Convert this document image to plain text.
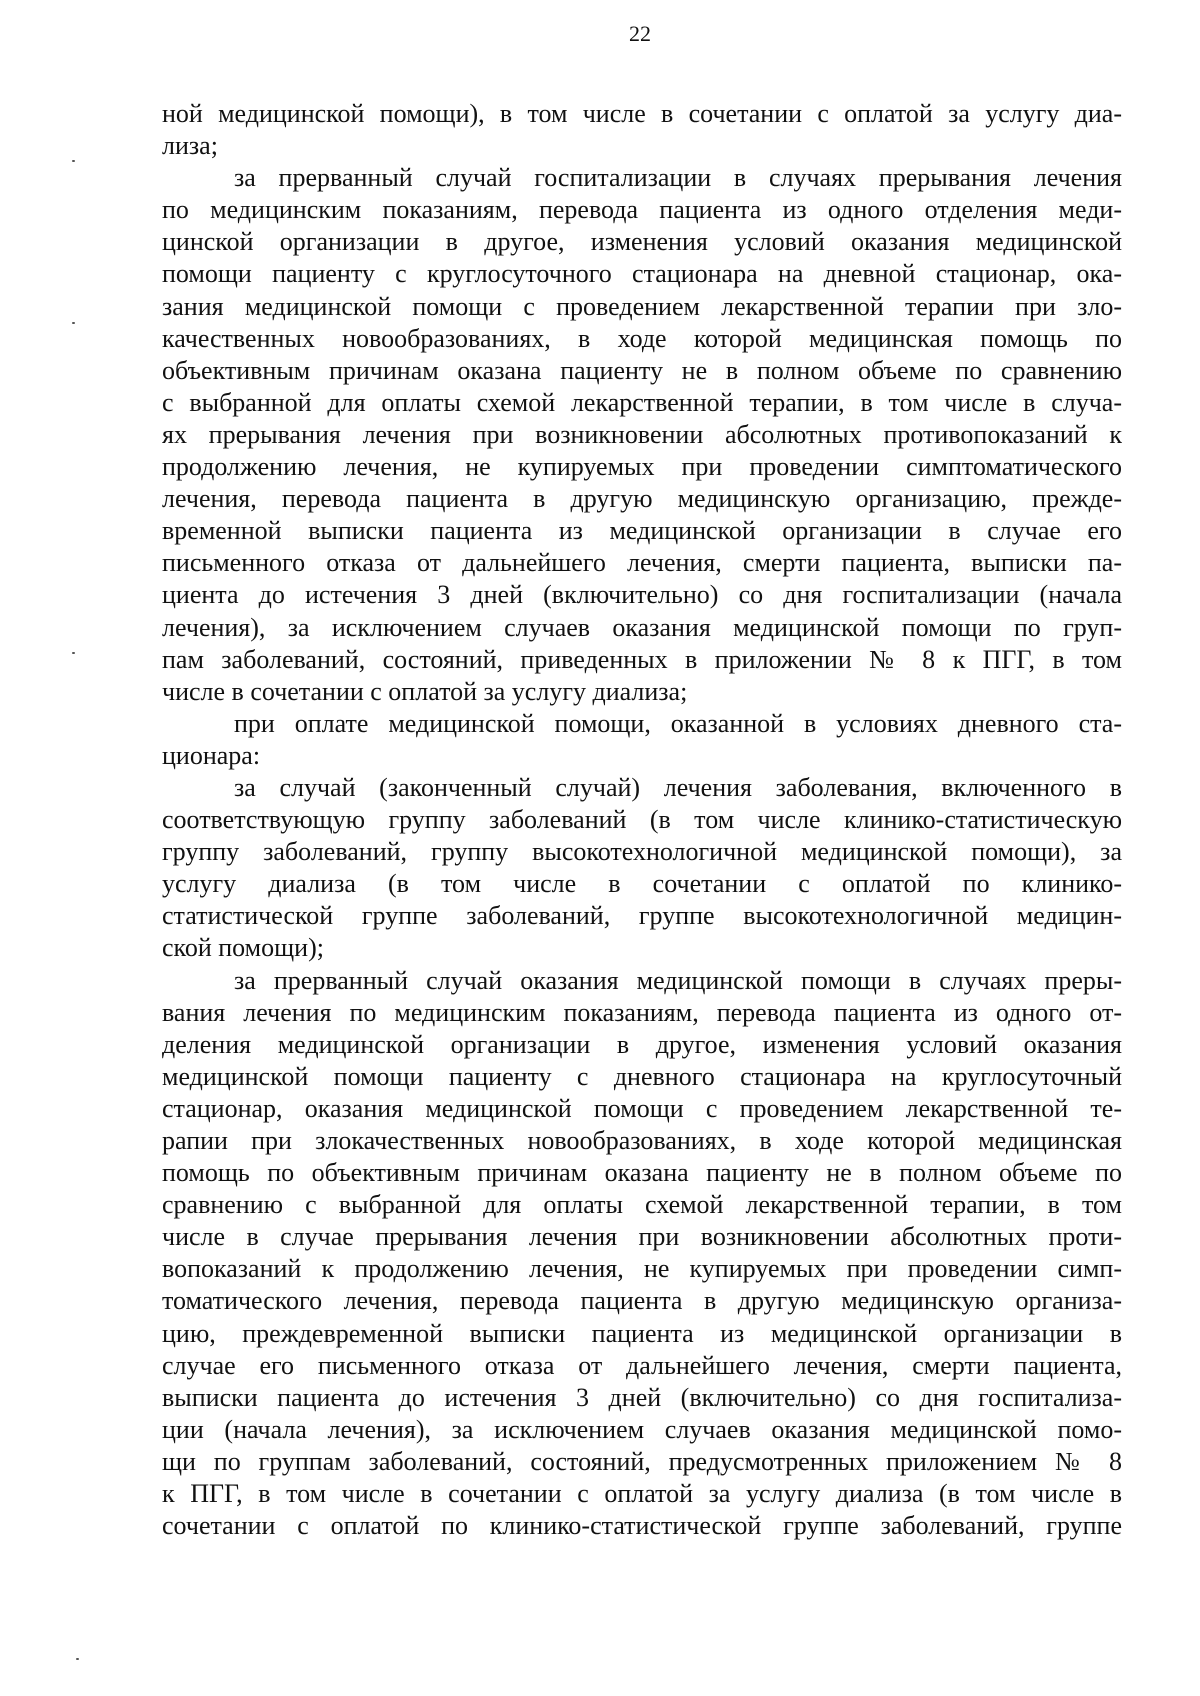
22
ной медицинской помощи), в том числе в сочетании с оплатой за услугу диа-
лиза;
за прерванный случай госпитализации в случаях прерывания лечения
по медицинским показаниям, перевода пациента из одного отделения меди-
цинской организации в другое, изменения условий оказания медицинской
помощи пациенту с круглосуточного стационара на дневной стационар, ока-
зания медицинской помощи с проведением лекарственной терапии при зло-
качественных новообразованиях, в ходе которой медицинская помощь по
объективным причинам оказана пациенту не в полном объеме по сравнению
с выбранной для оплаты схемой лекарственной терапии, в том числе в случа-
ях прерывания лечения при возникновении абсолютных противопоказаний к
продолжению лечения, не купируемых при проведении симптоматического
лечения, перевода пациента в другую медицинскую организацию, прежде-
временной выписки пациента из медицинской организации в случае его
письменного отказа от дальнейшего лечения, смерти пациента, выписки па-
циента до истечения 3 дней (включительно) со дня госпитализации (начала
лечения), за исключением случаев оказания медицинской помощи по груп-
пам заболеваний, состояний, приведенных в приложении № 8 к ПГГ, в том
числе в сочетании с оплатой за услугу диализа;
при оплате медицинской помощи, оказанной в условиях дневного ста-
ционара:
за случай (законченный случай) лечения заболевания, включенного в
соответствующую группу заболеваний (в том числе клинико-статистическую
группу заболеваний, группу высокотехнологичной медицинской помощи), за
услугу диализа (в том числе в сочетании с оплатой по клинико-
статистической группе заболеваний, группе высокотехнологичной медицин-
ской помощи);
за прерванный случай оказания медицинской помощи в случаях преры-
вания лечения по медицинским показаниям, перевода пациента из одного от-
деления медицинской организации в другое, изменения условий оказания
медицинской помощи пациенту с дневного стационара на круглосуточный
стационар, оказания медицинской помощи с проведением лекарственной те-
рапии при злокачественных новообразованиях, в ходе которой медицинская
помощь по объективным причинам оказана пациенту не в полном объеме по
сравнению с выбранной для оплаты схемой лекарственной терапии, в том
числе в случае прерывания лечения при возникновении абсолютных проти-
вопоказаний к продолжению лечения, не купируемых при проведении симп-
томатического лечения, перевода пациента в другую медицинскую организа-
цию, преждевременной выписки пациента из медицинской организации в
случае его письменного отказа от дальнейшего лечения, смерти пациента,
выписки пациента до истечения 3 дней (включительно) со дня госпитализа-
ции (начала лечения), за исключением случаев оказания медицинской помо-
щи по группам заболеваний, состояний, предусмотренных приложением № 8
к ПГГ, в том числе в сочетании с оплатой за услугу диализа (в том числе в
сочетании с оплатой по клинико-статистической группе заболеваний, группе
